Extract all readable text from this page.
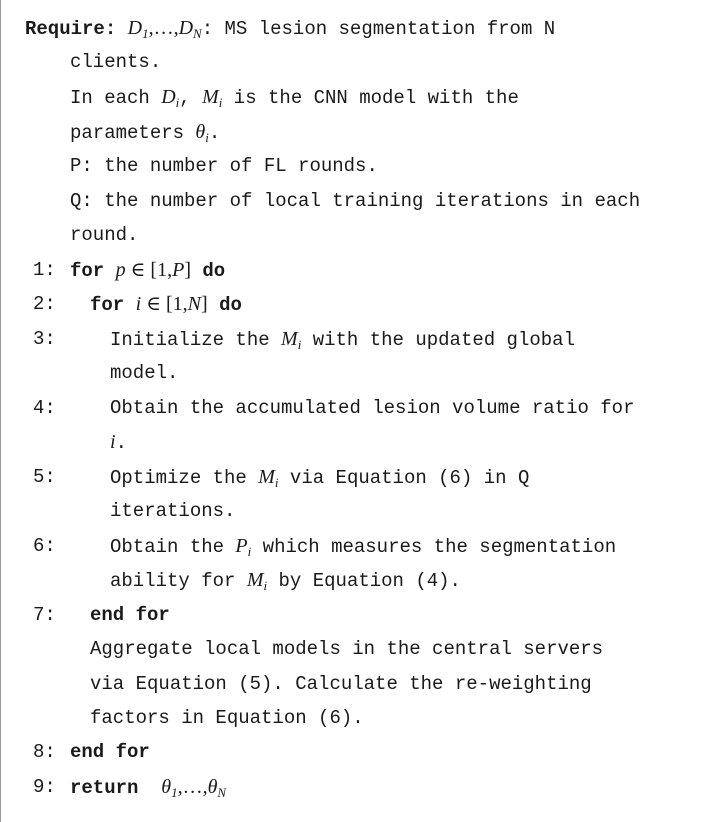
Require: $D_1,\dots,D_N$: MS lesion segmentation from N
clients.
In each $D_i$, $M_i$ is the CNN model with the
parameters $\theta_i$.
P: the number of FL rounds.
Q: the number of local training iterations in each
round.
1: for p ∈ [1,P] do
2: for i ∈ [1,N] do
3:	Initialize the $M_i$ with the updated global
model.
4:	Obtain the accumulated lesion volume ratio for
i.
5:	Optimize the $M_i$ via Equation (6) in Q
iterations.
6:	Obtain the $P_i$ which measures the segmentation
ability for $M_i$ by Equation (4).
7: end for
Aggregate local models in the central servers
via Equation (5). Calculate the re-weighting
factors in Equation (6).
8: end for
9: return $\theta_1,\dots,\theta_N$
